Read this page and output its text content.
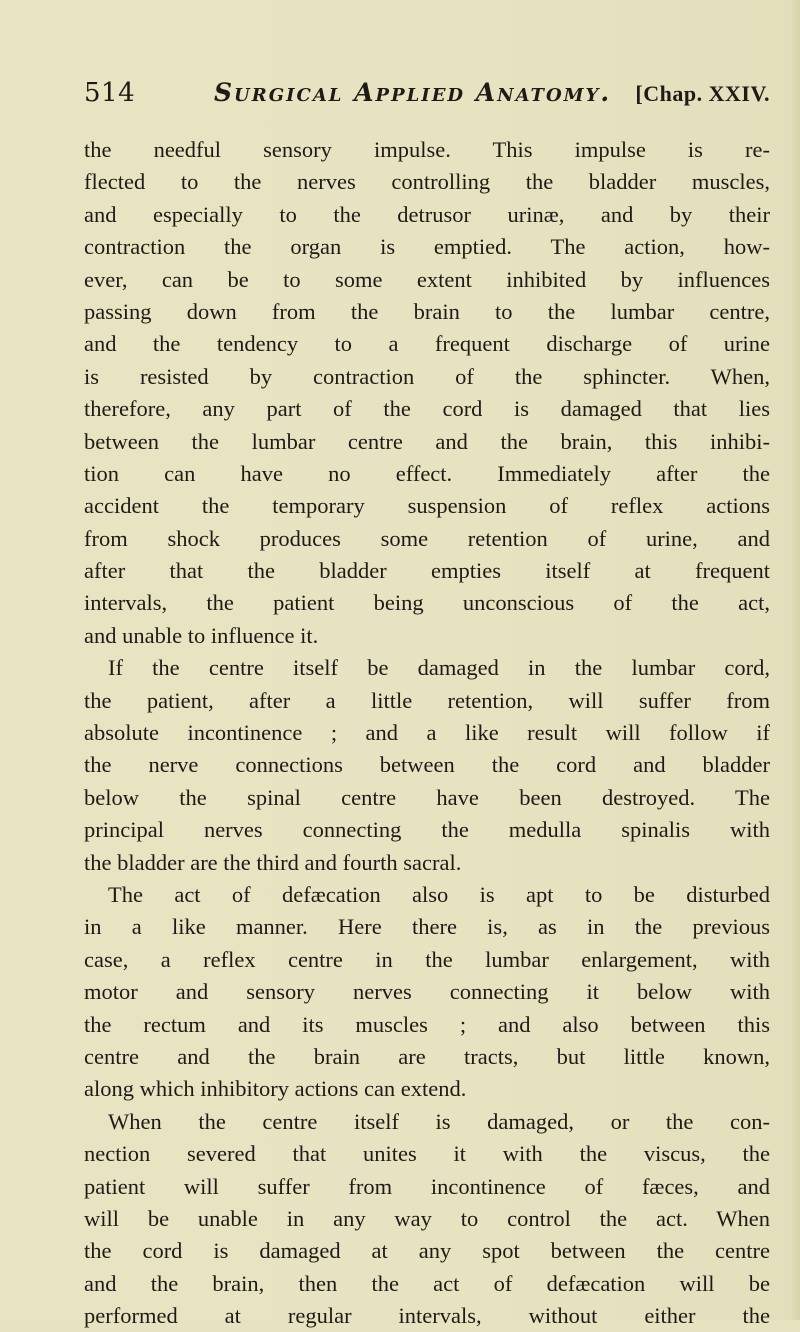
514	Surgical Applied Anatomy.	[Chap. XXIV.
the needful sensory impulse. This impulse is re-
flected to the nerves controlling the bladder muscles,
and especially to the detrusor urinæ, and by their
contraction the organ is emptied. The action, how-
ever, can be to some extent inhibited by influences
passing down from the brain to the lumbar centre,
and the tendency to a frequent discharge of urine
is resisted by contraction of the sphincter. When,
therefore, any part of the cord is damaged that lies
between the lumbar centre and the brain, this inhibi-
tion can have no effect. Immediately after the
accident the temporary suspension of reflex actions
from shock produces some retention of urine, and
after that the bladder empties itself at frequent
intervals, the patient being unconscious of the act,
and unable to influence it.
If the centre itself be damaged in the lumbar cord,
the patient, after a little retention, will suffer from
absolute incontinence ; and a like result will follow if
the nerve connections between the cord and bladder
below the spinal centre have been destroyed. The
principal nerves connecting the medulla spinalis with
the bladder are the third and fourth sacral.
The act of defæcation also is apt to be disturbed
in a like manner. Here there is, as in the previous
case, a reflex centre in the lumbar enlargement, with
motor and sensory nerves connecting it below with
the rectum and its muscles ; and also between this
centre and the brain are tracts, but little known,
along which inhibitory actions can extend.
When the centre itself is damaged, or the con-
nection severed that unites it with the viscus, the
patient will suffer from incontinence of fæces, and
will be unable in any way to control the act. When
the cord is damaged at any spot between the centre
and the brain, then the act of defæcation will be
performed at regular intervals, without either the
